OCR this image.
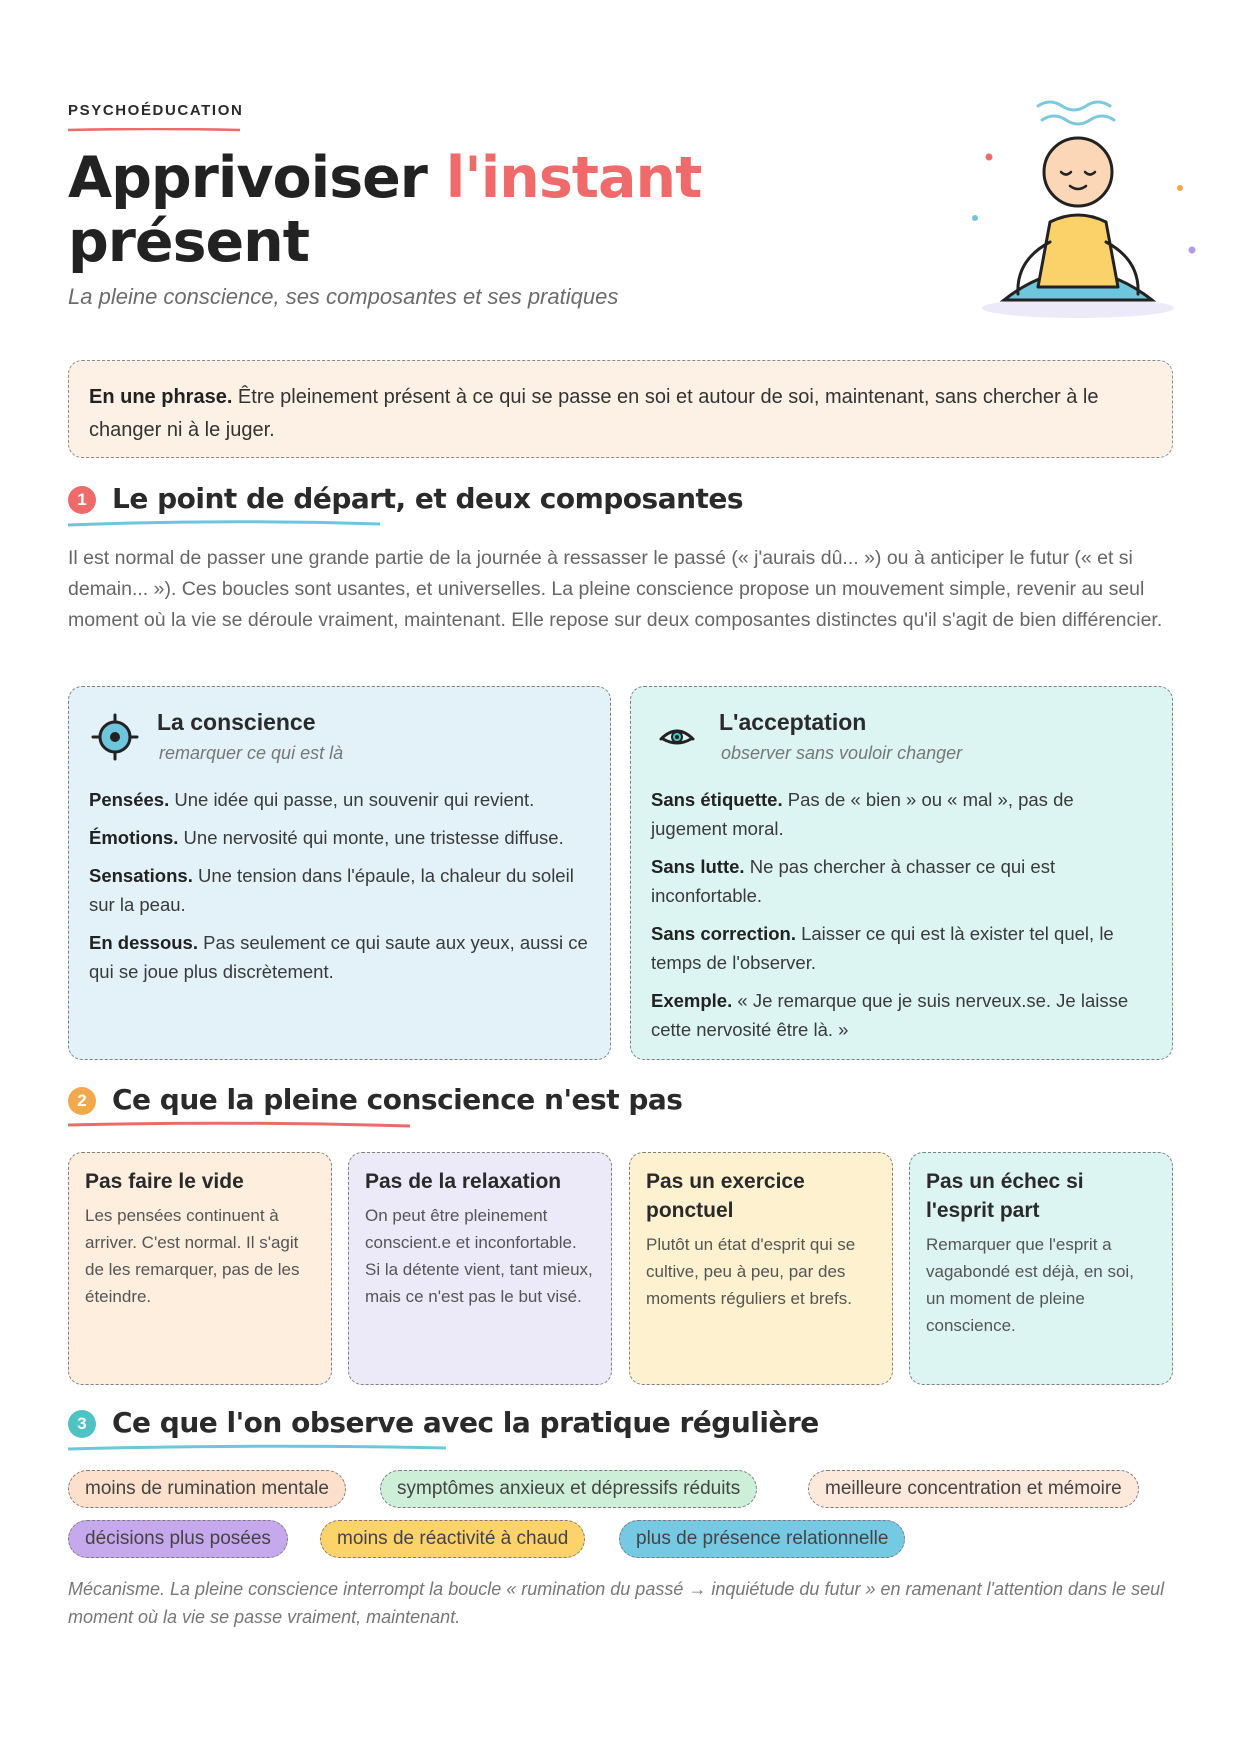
PSYCHOÉDUCATION
Apprivoiser l'instant
présent
La pleine conscience, ses composantes et ses pratiques
En une phrase. Être pleinement présent à ce qui se passe en soi et autour de soi, maintenant, sans chercher à le changer ni à le juger.
1 Le point de départ, et deux composantes
Il est normal de passer une grande partie de la journée à ressasser le passé (« j'aurais dû... ») ou à anticiper le futur (« et si demain... »). Ces boucles sont usantes, et universelles. La pleine conscience propose un mouvement simple, revenir au seul moment où la vie se déroule vraiment, maintenant. Elle repose sur deux composantes distinctes qu'il s'agit de bien différencier.
La conscience
remarquer ce qui est là
Pensées. Une idée qui passe, un souvenir qui revient.
Émotions. Une nervosité qui monte, une tristesse diffuse.
Sensations. Une tension dans l'épaule, la chaleur du soleil sur la peau.
En dessous. Pas seulement ce qui saute aux yeux, aussi ce qui se joue plus discrètement.
L'acceptation
observer sans vouloir changer
Sans étiquette. Pas de « bien » ou « mal », pas de jugement moral.
Sans lutte. Ne pas chercher à chasser ce qui est inconfortable.
Sans correction. Laisser ce qui est là exister tel quel, le temps de l'observer.
Exemple. « Je remarque que je suis nerveux.se. Je laisse cette nervosité être là. »
2 Ce que la pleine conscience n'est pas
Pas faire le vide
Les pensées continuent à arriver. C'est normal. Il s'agit de les remarquer, pas de les éteindre.
Pas de la relaxation
On peut être pleinement conscient.e et inconfortable. Si la détente vient, tant mieux, mais ce n'est pas le but visé.
Pas un exercice ponctuel
Plutôt un état d'esprit qui se cultive, peu à peu, par des moments réguliers et brefs.
Pas un échec si l'esprit part
Remarquer que l'esprit a vagabondé est déjà, en soi, un moment de pleine conscience.
3 Ce que l'on observe avec la pratique régulière
moins de rumination mentale	symptômes anxieux et dépressifs réduits	meilleure concentration et mémoire
décisions plus posées	moins de réactivité à chaud	plus de présence relationnelle
Mécanisme. La pleine conscience interrompt la boucle « rumination du passé → inquiétude du futur » en ramenant l'attention dans le seul moment où la vie se passe vraiment, maintenant.
